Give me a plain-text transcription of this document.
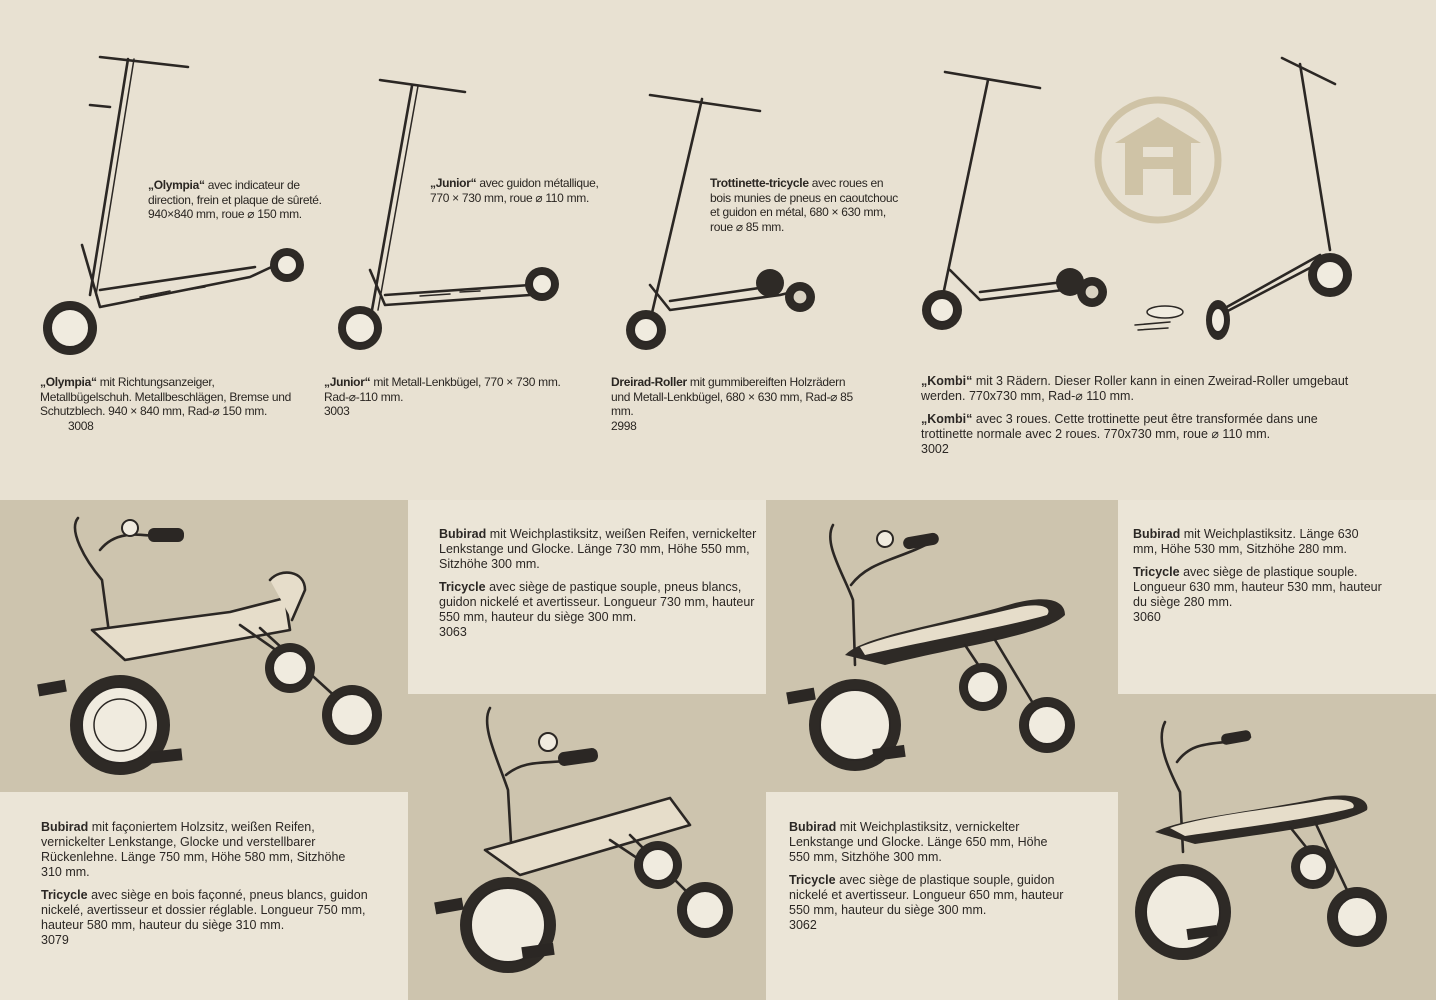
„Olympia“ avec indicateur de direction, frein et plaque de sûreté. 940×840 mm, roue ⌀ 150 mm.
„Junior“ avec guidon métallique, 770 × 730 mm, roue ⌀ 110 mm.
Trottinette-tricycle avec roues en bois munies de pneus en caoutchouc et guidon en métal, 680 × 630 mm, roue ⌀ 85 mm.
„Olympia“ mit Richtungsanzeiger, Metallbügelschuh. Metallbeschlägen, Bremse und Schutzblech. 940 × 840 mm, Rad-⌀ 150 mm. 3008
„Junior“ mit Metall-Lenkbügel, 770 × 730 mm. Rad-⌀-110 mm.
3003
Dreirad-Roller mit gummibereiften Holzrädern und Metall-Lenkbügel, 680 × 630 mm, Rad-⌀ 85 mm.
2998

„Kombi“ mit 3 Rädern. Dieser Roller kann in einen Zweirad-Roller umgebaut werden. 770x730 mm, Rad-⌀ 110 mm.

„Kombi“ avec 3 roues. Cette trottinette peut être transformée dans une trottinette normale avec 2 roues. 770x730 mm, roue ⌀ 110 mm.

3002

Bubirad mit Weichplastiksitz, weißen Reifen, vernickelter Lenkstange und Glocke. Länge 730 mm, Höhe 550 mm, Sitzhöhe 300 mm.

Tricycle avec siège de pastique souple, pneus blancs, guidon nickelé et avertisseur. Longueur 730 mm, hauteur 550 mm, hauteur du siège 300 mm.

3063

Bubirad mit Weichplastiksitz. Länge 630 mm, Höhe 530 mm, Sitzhöhe 280 mm.

Tricycle avec siège de plastique souple. Longueur 630 mm, hauteur 530 mm, hauteur du siège 280 mm.

3060

Bubirad mit façoniertem Holzsitz, weißen Reifen, vernickelter Lenkstange, Glocke und verstellbarer Rückenlehne. Länge 750 mm, Höhe 580 mm, Sitzhöhe 310 mm.

Tricycle avec siège en bois façonné, pneus blancs, guidon nickelé, avertisseur et dossier réglable. Longueur 750 mm, hauteur 580 mm, hauteur du siège 310 mm.

3079

Bubirad mit Weichplastiksitz, vernickelter Lenkstange und Glocke. Länge 650 mm, Höhe 550 mm, Sitzhöhe 300 mm.

Tricycle avec siège de plastique souple, guidon nickelé et avertisseur. Longueur 650 mm, hauteur 550 mm, hauteur du siège 300 mm.

3062
